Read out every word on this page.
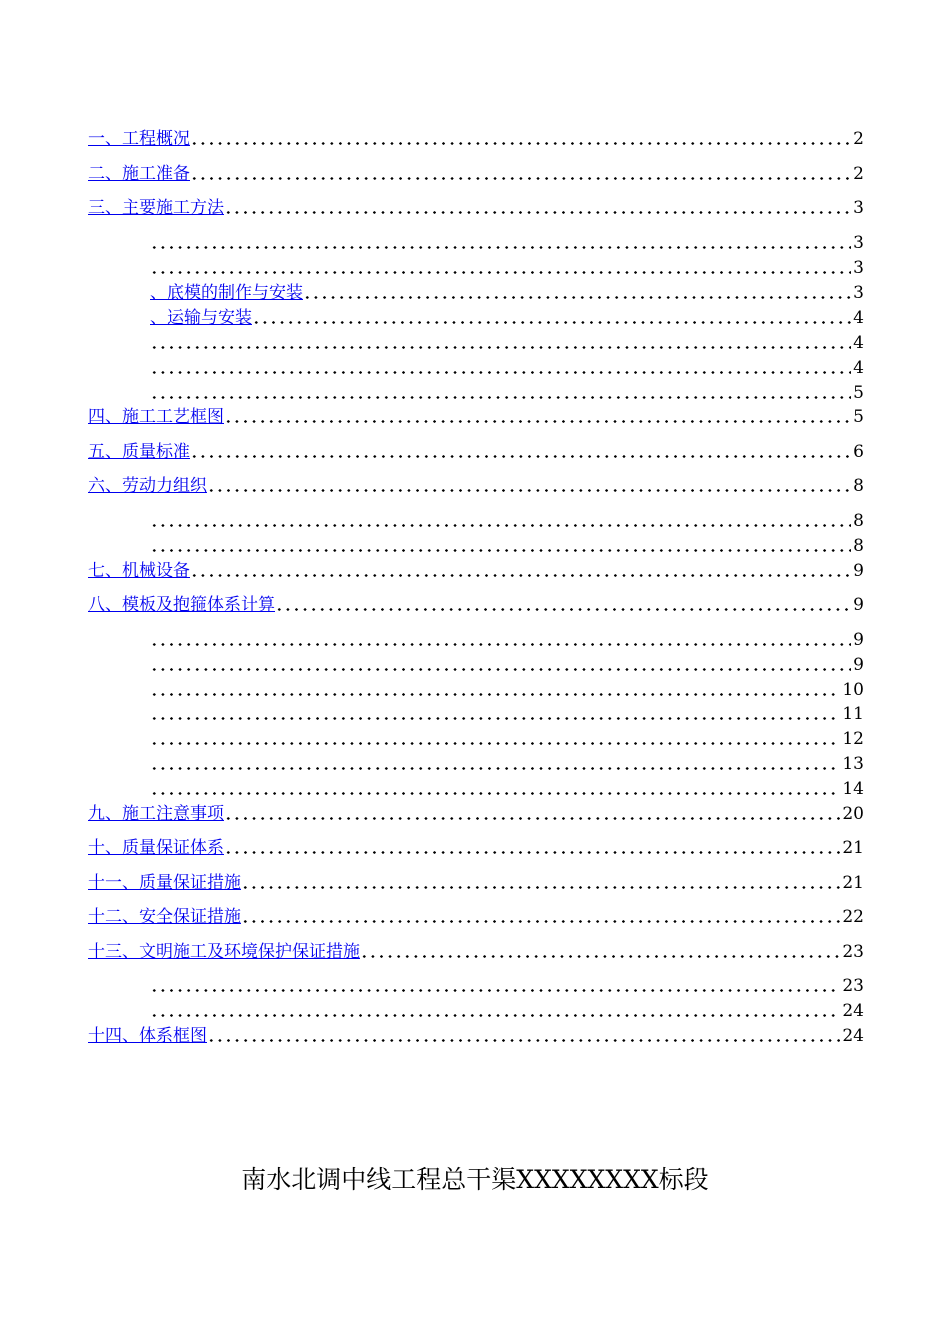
一、工程概况	2
二、施工准备	2
三、主要施工方法	3
3
3
、底模的制作与安装	3
、运输与安装	4
4
4
5
四、施工工艺框图	5
五、质量标准	6
六、劳动力组织	8
8
8
七、机械设备	9
八、模板及抱箍体系计算	9
9
9
10
11
12
13
14
九、施工注意事项	20
十、质量保证体系	21
十一、质量保证措施	21
十二、安全保证措施	22
十三、文明施工及环境保护保证措施	23
23
24
十四、体系框图	24
南水北调中线工程总干渠XXXXXXXX标段
